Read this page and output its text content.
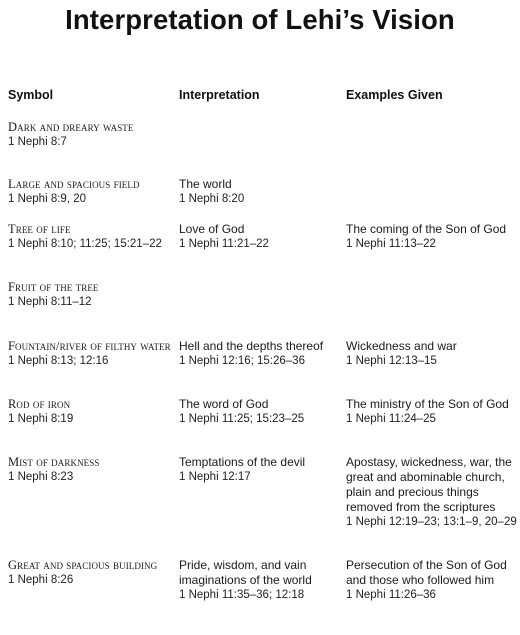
Interpretation of Lehi’s Vision
Symbol	Interpretation	Examples Given
Dark and dreary waste
1 Nephi 8:7
Large and spacious field
1 Nephi 8:9, 20
The world
1 Nephi 8:20
Tree of life
1 Nephi 8:10; 11:25; 15:21–22
Love of God
1 Nephi 11:21–22
The coming of the Son of God
1 Nephi 11:13–22
Fruit of the tree
1 Nephi 8:11–12
Fountain/river of filthy water
1 Nephi 8:13; 12:16
Hell and the depths thereof
1 Nephi 12:16; 15:26–36
Wickedness and war
1 Nephi 12:13–15
Rod of iron
1 Nephi 8:19
The word of God
1 Nephi 11:25; 15:23–25
The ministry of the Son of God
1 Nephi 11:24–25
Mist of darkness
1 Nephi 8:23
Temptations of the devil
1 Nephi 12:17
Apostasy, wickedness, war, the
great and abominable church,
plain and precious things
removed from the scriptures
1 Nephi 12:19–23; 13:1–9, 20–29
Great and spacious building
1 Nephi 8:26
Pride, wisdom, and vain
imaginations of the world
1 Nephi 11:35–36; 12:18
Persecution of the Son of God
and those who followed him
1 Nephi 11:26–36
